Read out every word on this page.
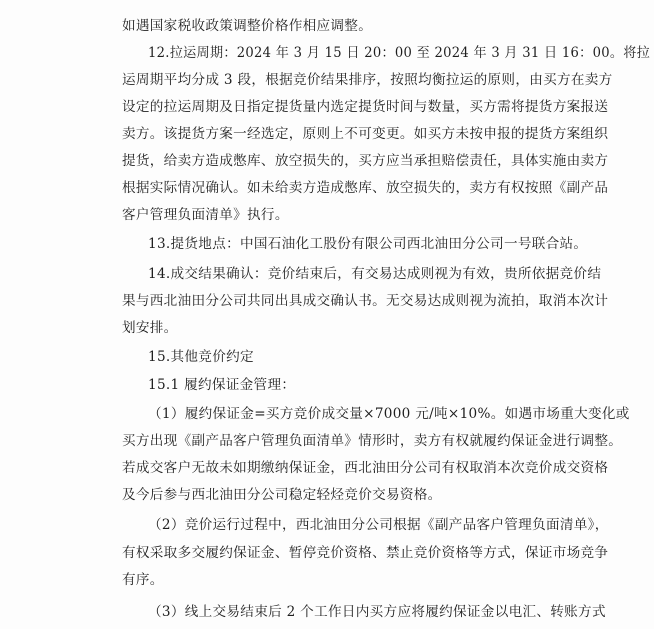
如遇国家税收政策调整价格作相应调整。
12.拉运周期：2024 年 3 月 15 日 20：00 至 2024 年 3 月 31 日 16：00。将拉
运周期平均分成 3 段，根据竞价结果排序，按照均衡拉运的原则，由买方在卖方
设定的拉运周期及日指定提货量内选定提货时间与数量，买方需将提货方案报送
卖方。该提货方案一经选定，原则上不可变更。如买方未按申报的提货方案组织
提货，给卖方造成憋库、放空损失的，买方应当承担赔偿责任，具体实施由卖方
根据实际情况确认。如未给卖方造成憋库、放空损失的，卖方有权按照《副产品
客户管理负面清单》执行。
13.提货地点：中国石油化工股份有限公司西北油田分公司一号联合站。
14.成交结果确认：竞价结束后，有交易达成则视为有效，贵所依据竞价结
果与西北油田分公司共同出具成交确认书。无交易达成则视为流拍，取消本次计
划安排。
15.其他竞价约定
15.1 履约保证金管理：
（1）履约保证金=买方竞价成交量×7000 元/吨×10%。如遇市场重大变化或
买方出现《副产品客户管理负面清单》情形时，卖方有权就履约保证金进行调整。
若成交客户无故未如期缴纳保证金，西北油田分公司有权取消本次竞价成交资格
及今后参与西北油田分公司稳定轻烃竞价交易资格。
（2）竞价运行过程中，西北油田分公司根据《副产品客户管理负面清单》，
有权采取多交履约保证金、暂停竞价资格、禁止竞价资格等方式，保证市场竞争
有序。
（3）线上交易结束后 2 个工作日内买方应将履约保证金以电汇、转账方式
